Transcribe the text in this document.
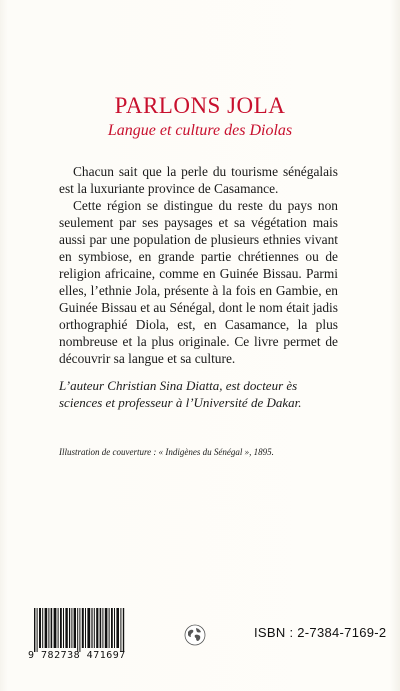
PARLONS JOLA
Langue et culture des Diolas

Chacun sait que la perle du tourisme sénégalais est la luxuriante province de Casamance.

Cette région se distingue du reste du pays non seulement par ses paysages et sa végétation mais aussi par une population de plusieurs ethnies vivant en symbiose, en grande partie chrétiennes ou de religion africaine, comme en Guinée Bissau. Parmi elles, l’ethnie Jola, présente à la fois en Gambie, en Guinée Bissau et au Sénégal, dont le nom était jadis orthographié Diola, est, en Casamance, la plus nombreuse et la plus originale. Ce livre permet de découvrir sa langue et sa culture.

L’auteur Christian Sina Diatta, est docteur ès sciences et professeur à l’Université de Dakar.

Illustration de couverture : « Indigènes du Sénégal », 1895.

9 782738 471697
ISBN : 2-7384-7169-2
